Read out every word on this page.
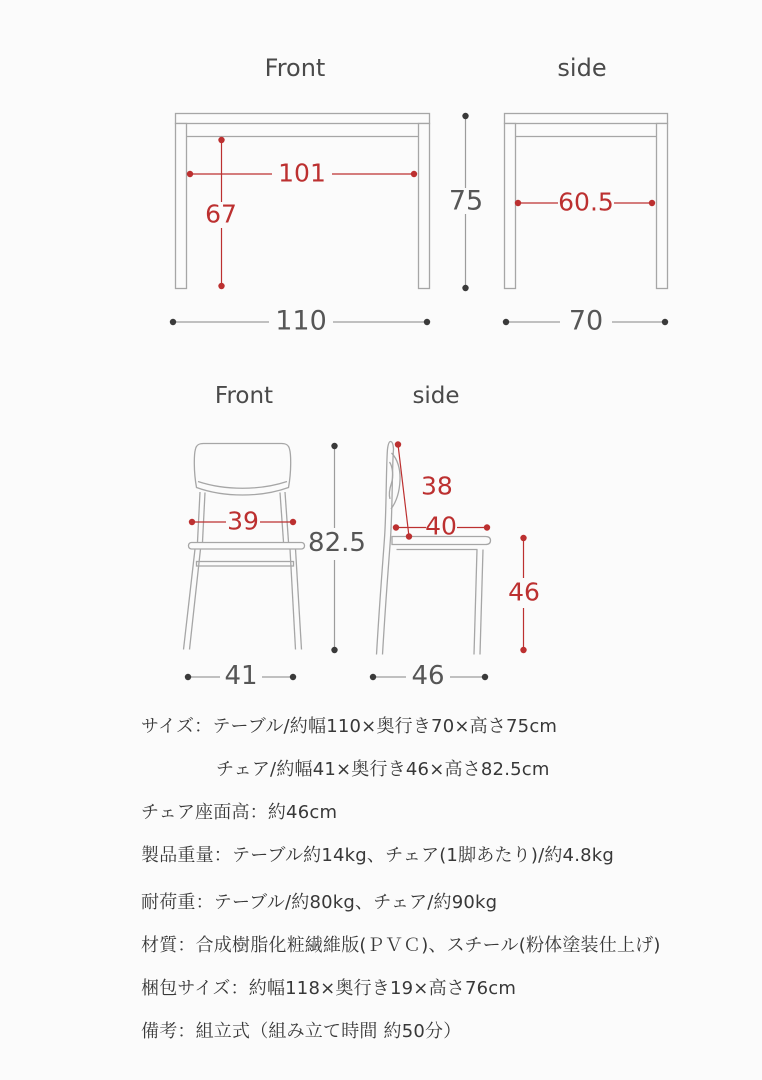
Front	side
101
67
110
75	60.5
70
Front	side
39
82.5
41
38
40
46
46

サイズ：テーブル/約幅110×奥行き70×高さ75cm

チェア/約幅41×奥行き46×高さ82.5cm

チェア座面高：約46cm

製品重量：テーブル約14kg、チェア(1脚あたり)/約4.8kg

耐荷重：テーブル/約80kg、チェア/約90kg

材質：合成樹脂化粧繊維版(ＰＶＣ)、スチール(粉体塗装仕上げ)

梱包サイズ：約幅118×奥行き19×高さ76cm

備考：組立式（組み立て時間 約50分）
